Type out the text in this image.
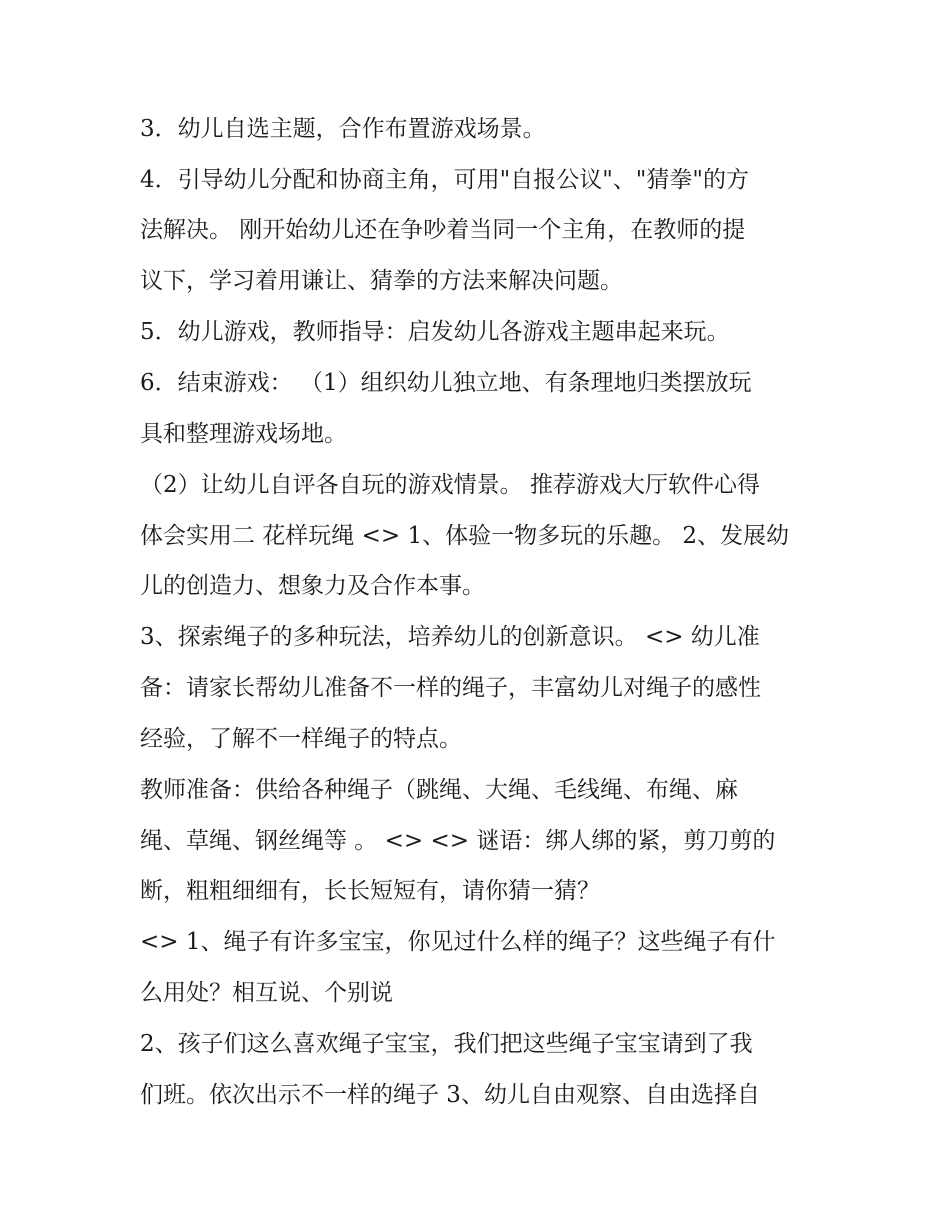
3．幼儿自选主题，合作布置游戏场景。
4．引导幼儿分配和协商主角，可用"自报公议"、"猜拳"的方
法解决。 刚开始幼儿还在争吵着当同一个主角，在教师的提
议下，学习着用谦让、猜拳的方法来解决问题。
5．幼儿游戏，教师指导：启发幼儿各游戏主题串起来玩。
6．结束游戏： （1）组织幼儿独立地、有条理地归类摆放玩
具和整理游戏场地。
（2）让幼儿自评各自玩的游戏情景。 推荐游戏大厅软件心得
体会实用二 花样玩绳 <> 1、体验一物多玩的乐趣。 2、发展幼
儿的创造力、想象力及合作本事。
3、探索绳子的多种玩法，培养幼儿的创新意识。 <> 幼儿准
备：请家长帮幼儿准备不一样的绳子，丰富幼儿对绳子的感性
经验，了解不一样绳子的特点。
教师准备：供给各种绳子（跳绳、大绳、毛线绳、布绳、麻
绳、草绳、钢丝绳等 。 <> <> 谜语：绑人绑的紧，剪刀剪的
断，粗粗细细有，长长短短有，请你猜一猜？
<> 1、绳子有许多宝宝，你见过什么样的绳子？这些绳子有什
么用处？相互说、个别说
2、孩子们这么喜欢绳子宝宝，我们把这些绳子宝宝请到了我
们班。依次出示不一样的绳子 3、幼儿自由观察、自由选择自
